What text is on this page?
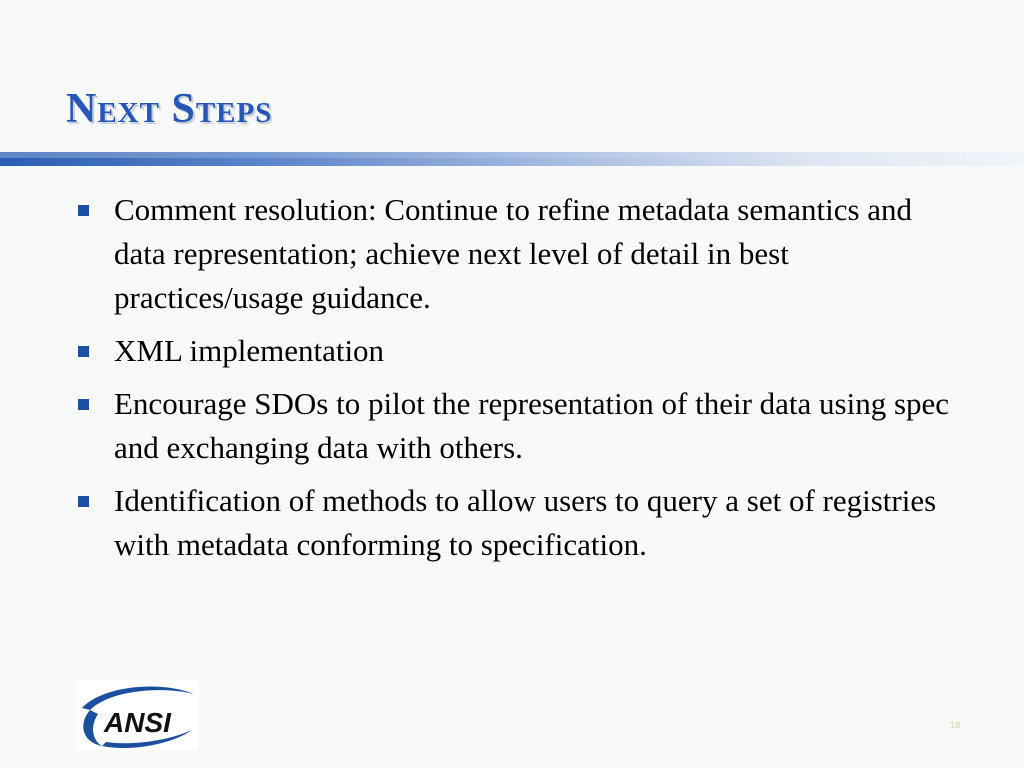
Next Steps
Comment resolution: Continue to refine metadata semantics and data representation; achieve next level of detail in best practices/usage guidance.
XML implementation
Encourage SDOs to pilot the representation of their data using spec and exchanging data with others.
Identification of methods to allow users to query a set of registries with metadata conforming to specification.
ANSI	18
